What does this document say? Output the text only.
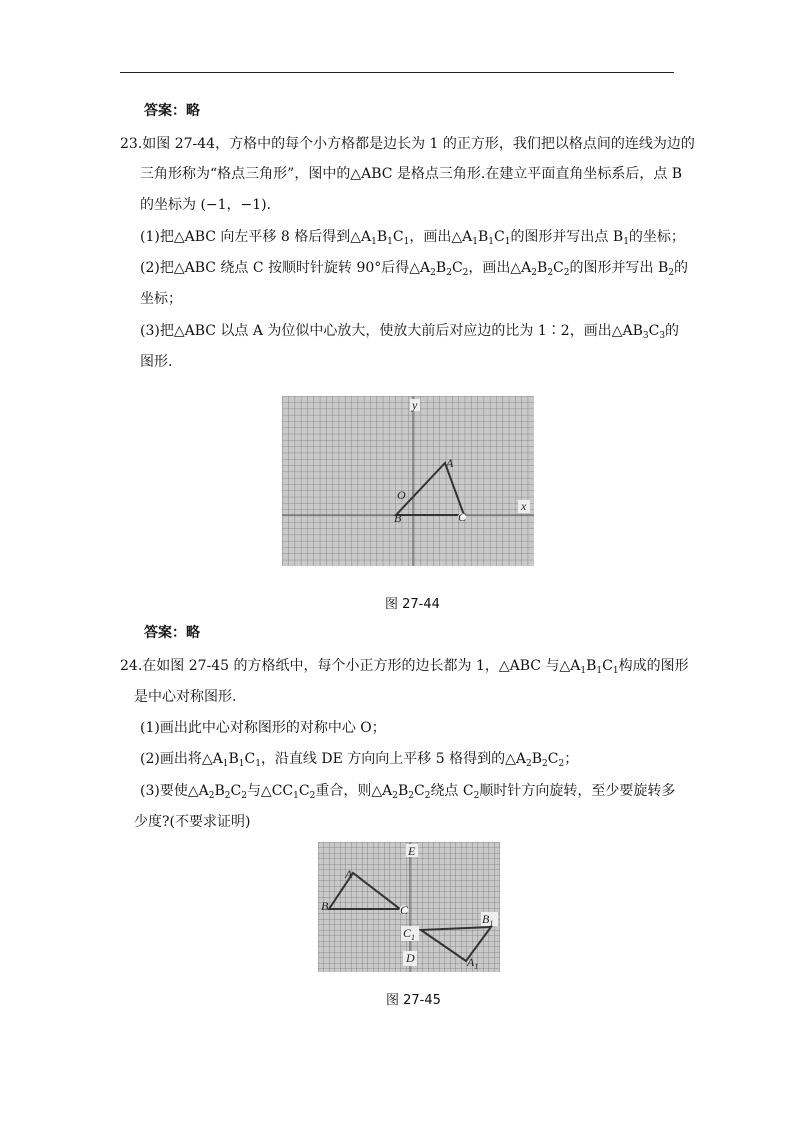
答案：略
23.如图 27-44，方格中的每个小方格都是边长为 1 的正方形，我们把以格点间的连线为边的
三角形称为“格点三角形”，图中的△ABC 是格点三角形.在建立平面直角坐标系后，点 B
的坐标为 (−1，−1)．
(1)把△ABC 向左平移 8 格后得到$\triangle A_1B_1C_1$，画出$\triangle A_1B_1C_1$的图形并写出点 $B_1$的坐标；
(2)把△ABC 绕点 C 按顺时针旋转 90°后得$\triangle A_2B_2C_2$，画出$\triangle A_2B_2C_2$的图形并写出 $B_2$的
坐标；
(3)把△ABC 以点 A 为位似中心放大，使放大前后对应边的比为 1∶2，画出$\triangle AB_3C_3$的
图形.
y
x
A
O
B	C
图 27-44
答案：略
24.在如图 27-45 的方格纸中，每个小正方形的边长都为 1，△ABC 与$\triangle A_1B_1C_1$构成的图形
是中心对称图形.
(1)画出此中心对称图形的对称中心 O；
(2)画出将$\triangle A_1B_1C_1$，沿直线 DE 方向向上平移 5 格得到的$\triangle A_2B_2C_2$；
(3)要使$\triangle A_2B_2C_2$与$\triangle CC_1C_2$重合，则$\triangle A_2B_2C_2$绕点 $C_2$顺时针方向旋转，至少要旋转多
少度?(不要求证明)
E
A
B	C
$B_1$
$C_1$
D	$A_1$
图 27-45
